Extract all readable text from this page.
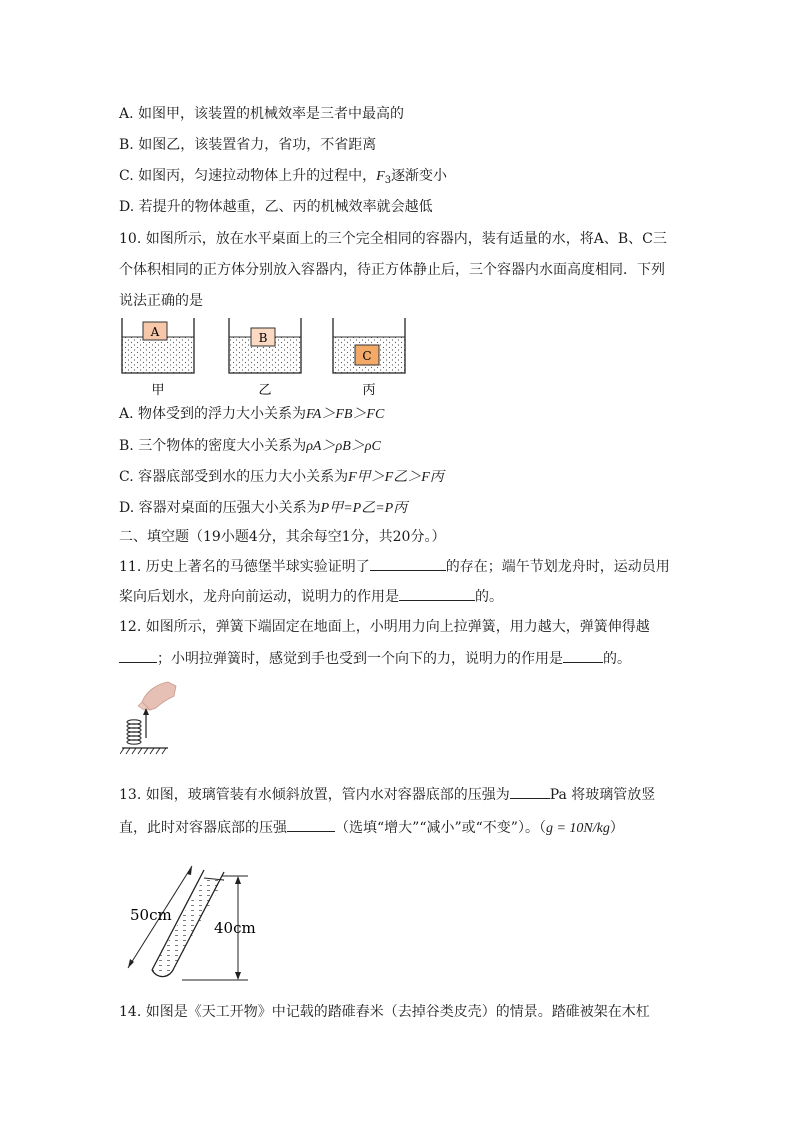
A. 如图甲，该装置的机械效率是三者中最高的
B. 如图乙，该装置省力，省功，不省距离
C. 如图丙，匀速拉动物体上升的过程中，$F_3$逐渐变小
D. 若提升的物体越重，乙、丙的机械效率就会越低
10. 如图所示，放在水平桌面上的三个完全相同的容器内，装有适量的水，将A、B、C三
个体积相同的正方体分别放入容器内，待正方体静止后，三个容器内水面高度相同．下列
说法正确的是
A
甲
B
乙
C
丙
A. 物体受到的浮力大小关系为FA＞FB＞FC
B. 三个物体的密度大小关系为ρA＞ρB＞ρC
C. 容器底部受到水的压力大小关系为F甲＞F乙＞F丙
D. 容器对桌面的压强大小关系为P甲=P乙=P丙
二、填空题（19小题4分，其余每空1分，共20分。）
11. 历史上著名的马德堡半球实验证明了	的存在；端午节划龙舟时，运动员用
桨向后划水，龙舟向前运动，说明力的作用是	的。
12. 如图所示，弹簧下端固定在地面上，小明用力向上拉弹簧，用力越大，弹簧伸得越
；小明拉弹簧时，感觉到手也受到一个向下的力，说明力的作用是	的。
13. 如图，玻璃管装有水倾斜放置，管内水对容器底部的压强为	Pa 将玻璃管放竖
直，此时对容器底部的压强	（选填“增大”“减小”或“不变”）。（g = 10N/kg）
50cm
40cm
14. 如图是《天工开物》中记载的踏碓舂米（去掉谷类皮壳）的情景。踏碓被架在木杠
